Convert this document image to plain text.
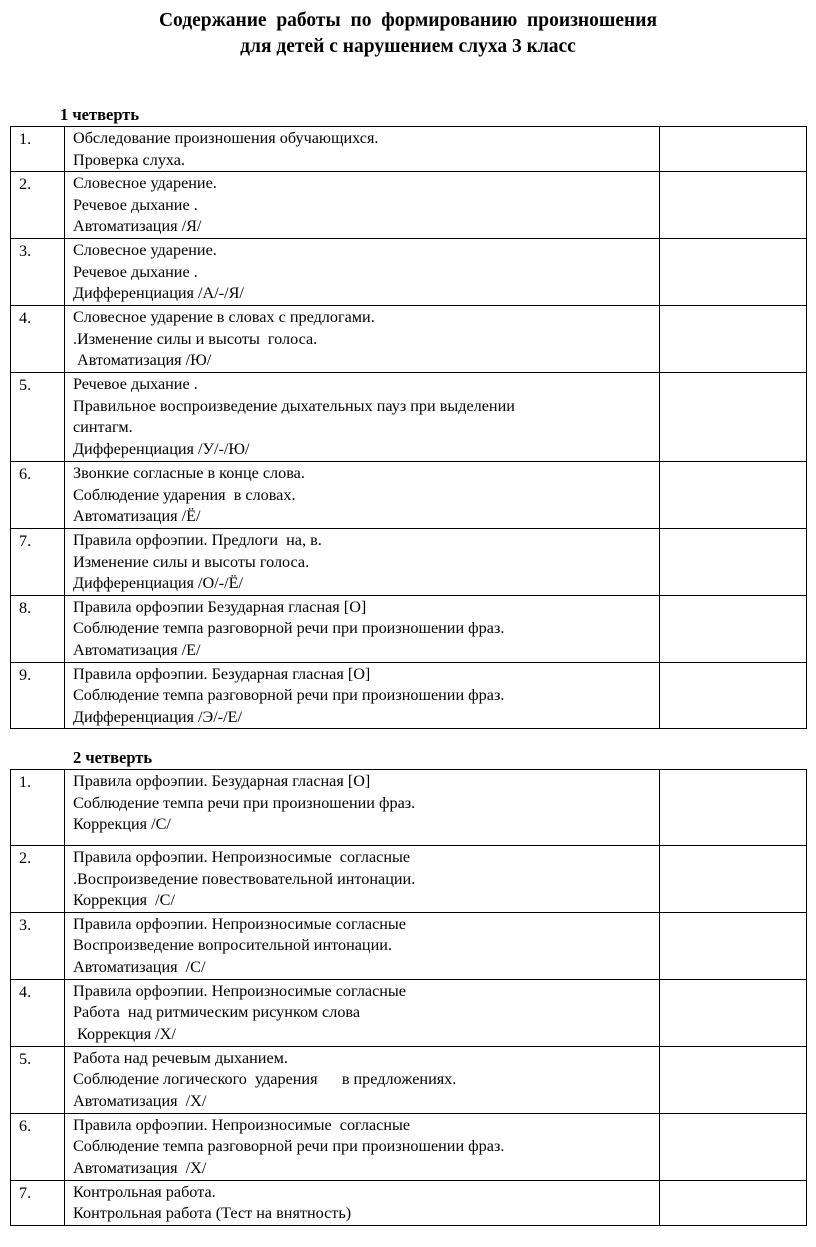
Содержание  работы  по  формированию  произношения
для детей с нарушением слуха 3 класс
1 четверть
1.	Обследование произношения обучающихся.
Проверка слуха.	

2.	Словесное ударение.
Речевое дыхание .
Автоматизация /Я/	

3.	Словесное ударение.
Речевое дыхание .
Дифференциация /А/-/Я/	

4.	Словесное ударение в словах с предлогами.
.Изменение силы и высоты  голоса.
Автоматизация /Ю/	

5.	Речевое дыхание .
Правильное воспроизведение дыхательных пауз при выделении
синтагм.
Дифференциация /У/-/Ю/	

6.	Звонкие согласные в конце слова.
Соблюдение ударения  в словах.
Автоматизация /Ё/	

7.	Правила орфоэпии. Предлоги  на, в.
Изменение силы и высоты голоса.
Дифференциация /О/-/Ё/	

8.	Правила орфоэпии Безударная гласная [О]
Соблюдение темпа разговорной речи при произношении фраз.
Автоматизация /Е/	

9.	Правила орфоэпии. Безударная гласная [О]
Соблюдение темпа разговорной речи при произношении фраз.
Дифференциация /Э/-/Е/	

2 четверть
1.	Правила орфоэпии. Безударная гласная [О]
Соблюдение темпа речи при произношении фраз.
Коррекция /С/	

2.	Правила орфоэпии. Непроизносимые  согласные
.Воспроизведение повествовательной интонации.
Коррекция  /С/	

3.	Правила орфоэпии. Непроизносимые согласные
Воспроизведение вопросительной интонации.
Автоматизация  /С/	

4.	Правила орфоэпии. Непроизносимые согласные
Работа  над ритмическим рисунком слова
Коррекция /Х/	

5.	Работа над речевым дыханием.
Соблюдение логического  ударения      в предложениях.
Автоматизация  /Х/	

6.	Правила орфоэпии. Непроизносимые  согласные
Соблюдение темпа разговорной речи при произношении фраз.
Автоматизация  /Х/	

7.	Контрольная работа.
Контрольная работа (Тест на внятность)	
